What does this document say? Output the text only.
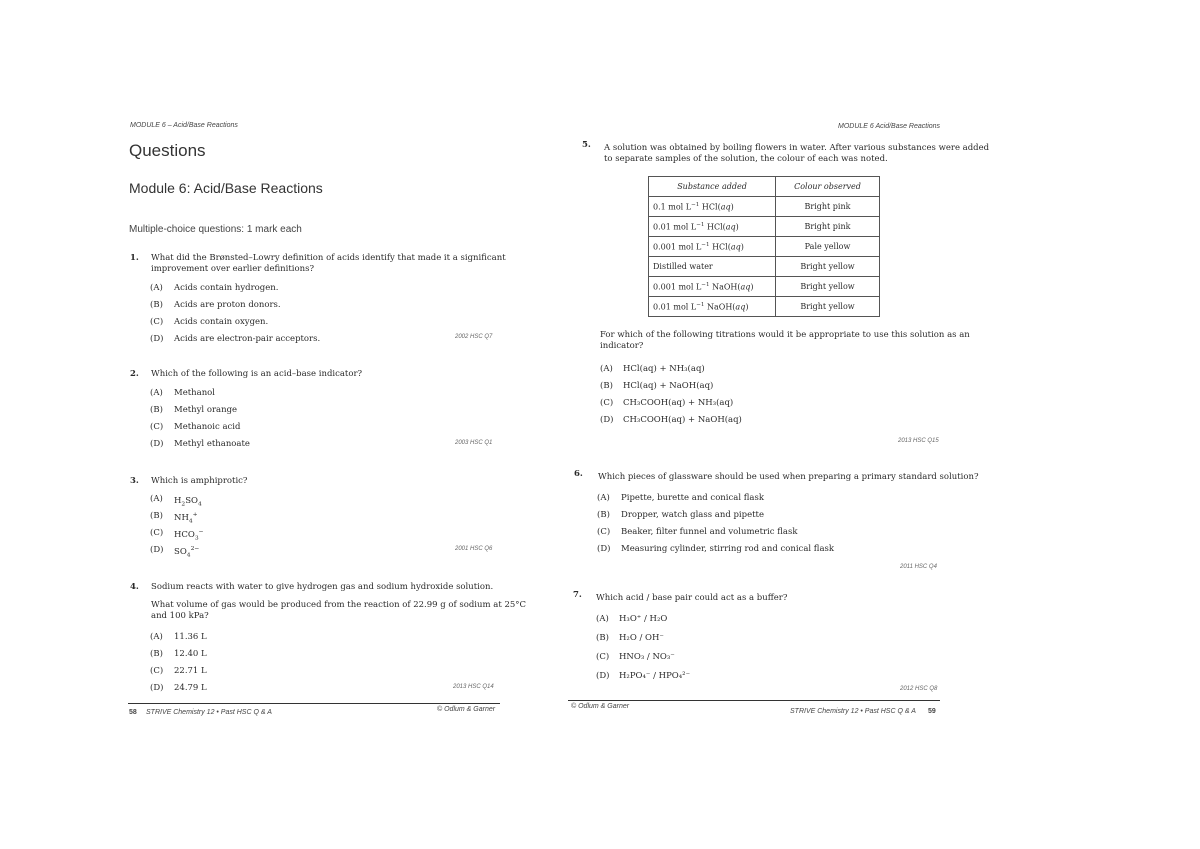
MODULE 6 – Acid/Base Reactions
Questions
Module 6: Acid/Base Reactions
Multiple-choice questions: 1 mark each
1. What did the Brønsted–Lowry definition of acids identify that made it a significant
improvement over earlier definitions?
(A) Acids contain hydrogen.
(B) Acids are proton donors.
(C) Acids contain oxygen.
(D) Acids are electron-pair acceptors.	2002 HSC Q7
2. Which of the following is an acid–base indicator?
(A) Methanol
(B) Methyl orange
(C) Methanoic acid
(D) Methyl ethanoate	2003 HSC Q1
3. Which is amphiprotic?
(A) $H_2SO_4$
(B) $NH_4^+$
(C) $HCO_3^-$
(D) $SO_4^{2-}$	2001 HSC Q6
4. Sodium reacts with water to give hydrogen gas and sodium hydroxide solution.
What volume of gas would be produced from the reaction of 22.99 g of sodium at 25°C
and 100 kPa?
(A) 11.36 L
(B) 12.40 L
(C) 22.71 L
(D) 24.79 L	2013 HSC Q14
58 STRIVE Chemistry 12 • Past HSC Q & A	© Odlum & Garner
MODULE 6 Acid/Base Reactions
5. A solution was obtained by boiling flowers in water. After various substances were added
to separate samples of the solution, the colour of each was noted.
Substance added	Colour observed
0.1 mol $L^{-1}$ HCl(aq)	Bright pink
0.01 mol $L^{-1}$ HCl(aq)	Bright pink
0.001 mol $L^{-1}$ HCl(aq)	Pale yellow
Distilled water	Bright yellow
0.001 mol $L^{-1}$ NaOH(aq)	Bright yellow
0.01 mol $L^{-1}$ NaOH(aq)	Bright yellow
For which of the following titrations would it be appropriate to use this solution as an
indicator?
(A) HCl(aq) + NH₃(aq)
(B) HCl(aq) + NaOH(aq)
(C) CH₃COOH(aq) + NH₃(aq)
(D) CH₃COOH(aq) + NaOH(aq)
2013 HSC Q15
6. Which pieces of glassware should be used when preparing a primary standard solution?
(A) Pipette, burette and conical flask
(B) Dropper, watch glass and pipette
(C) Beaker, filter funnel and volumetric flask
(D) Measuring cylinder, stirring rod and conical flask
2011 HSC Q4
7. Which acid / base pair could act as a buffer?
(A) H₃O⁺ / H₂O
(B) H₂O / OH⁻
(C) HNO₃ / NO₃⁻
(D) H₂PO₄⁻ / HPO₄²⁻
2012 HSC Q8
© Odlum & Garner
STRIVE Chemistry 12 • Past HSC Q & A 59
